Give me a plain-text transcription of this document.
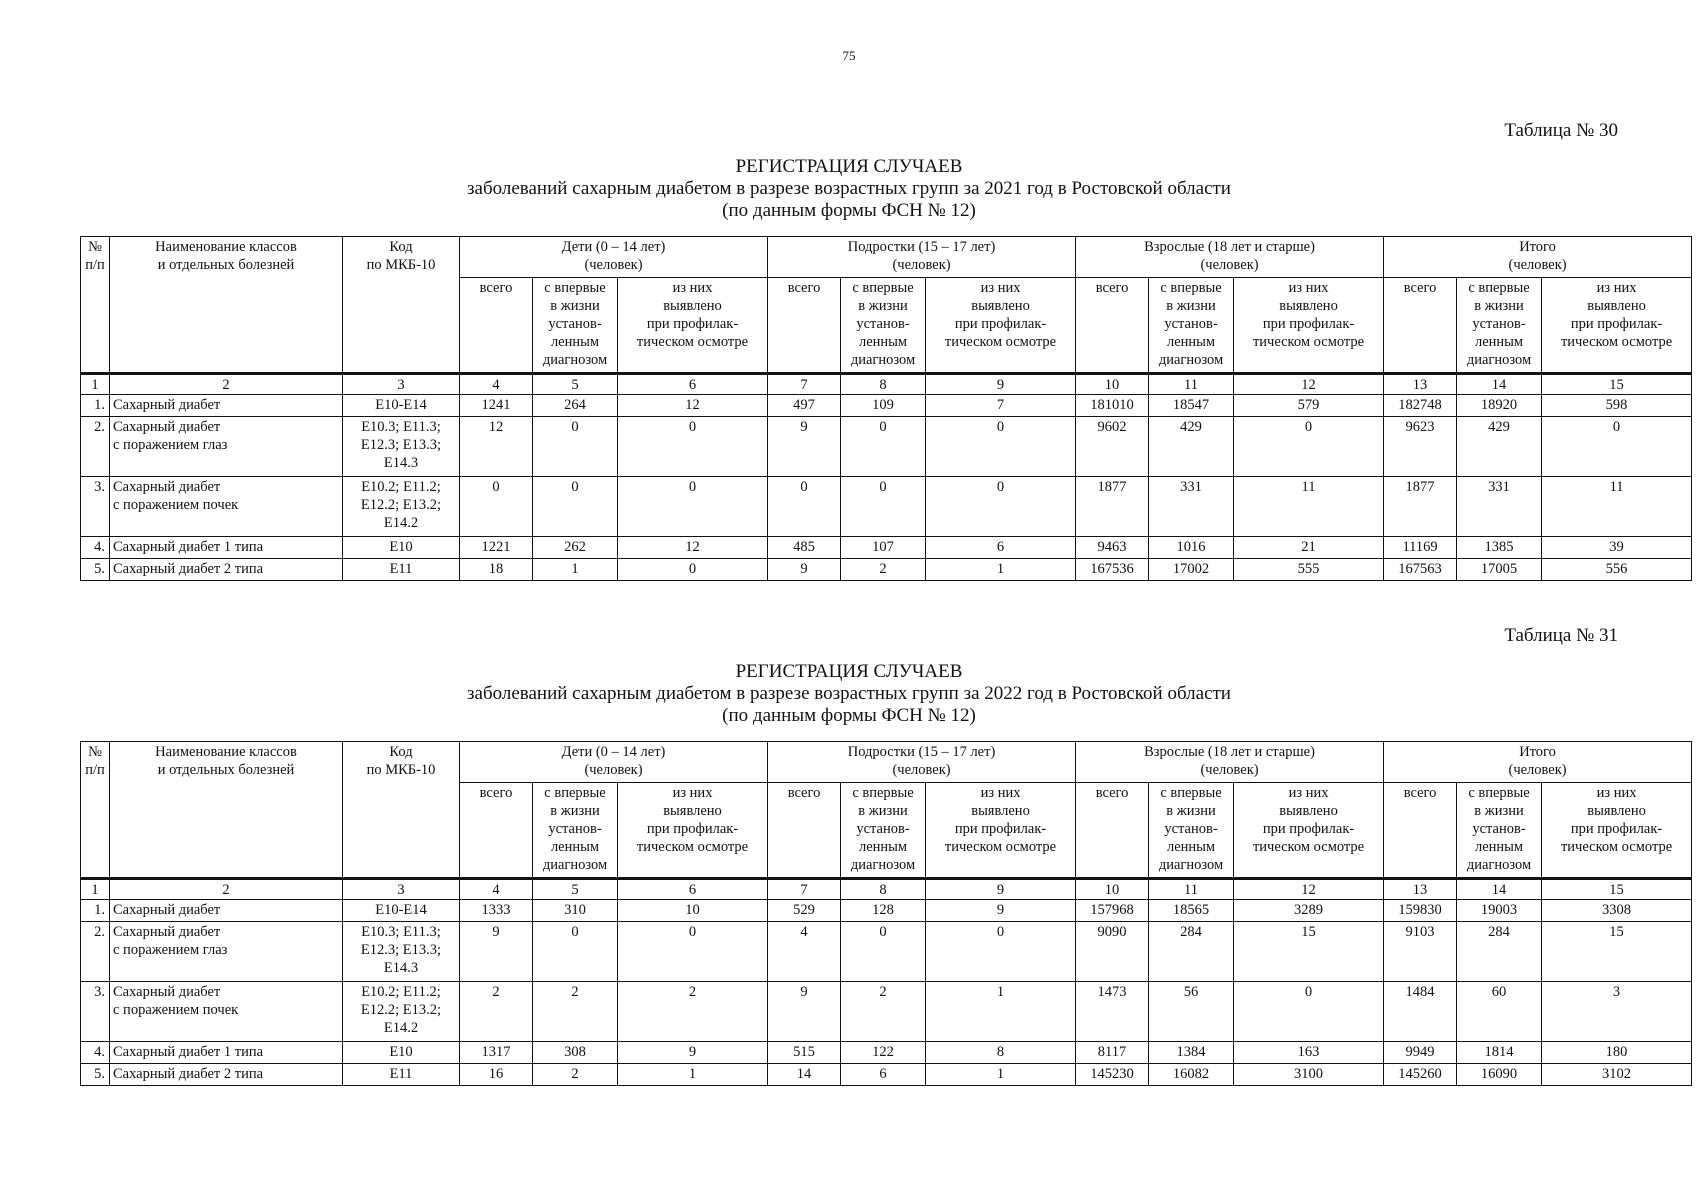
75
Таблица № 30
РЕГИСТРАЦИЯ СЛУЧАЕВ
заболеваний сахарным диабетом в разрезе возрастных групп за 2021 год в Ростовской области
(по данным формы ФСН № 12)
№
п/п	Наименование классов
и отдельных болезней	Код
по МКБ-10	Дети (0 – 14 лет)
(человек)			Подростки (15 – 17 лет)
(человек)			Взрослые (18 лет и старше)
(человек)			Итого
(человек)		

			всего	с впервые
в жизни
установ-
ленным
диагнозом	из них
выявлено
при профилак-
тическом осмотре	всего	с впервые
в жизни
установ-
ленным
диагнозом	из них
выявлено
при профилак-
тическом осмотре	всего	с впервые
в жизни
установ-
ленным
диагнозом	из них
выявлено
при профилак-
тическом осмотре	всего	с впервые
в жизни
установ-
ленным
диагнозом	из них
выявлено
при профилак-
тическом осмотре

1	2	3	4	5	6	7	8	9	10	11	12	13	14	15
1.	Сахарный диабет	E10-E14	1241	264	12	497	109	7	181010	18547	579	182748	18920	598
2.	Сахарный диабет
с поражением глаз	E10.3; E11.3;
E12.3; E13.3;
E14.3	12	0	0	9	0	0	9602	429	0	9623	429	0
3.	Сахарный диабет
с поражением почек	E10.2; E11.2;
E12.2; E13.2;
E14.2	0	0	0	0	0	0	1877	331	11	1877	331	11
4.	Сахарный диабет 1 типа	E10	1221	262	12	485	107	6	9463	1016	21	11169	1385	39
5.	Сахарный диабет 2 типа	E11	18	1	0	9	2	1	167536	17002	555	167563	17005	556
Таблица № 31
РЕГИСТРАЦИЯ СЛУЧАЕВ
заболеваний сахарным диабетом в разрезе возрастных групп за 2022 год в Ростовской области
(по данным формы ФСН № 12)
№
п/п	Наименование классов
и отдельных болезней	Код
по МКБ-10	Дети (0 – 14 лет)
(человек)			Подростки (15 – 17 лет)
(человек)			Взрослые (18 лет и старше)
(человек)			Итого
(человек)		

			всего	с впервые
в жизни
установ-
ленным
диагнозом	из них
выявлено
при профилак-
тическом осмотре	всего	с впервые
в жизни
установ-
ленным
диагнозом	из них
выявлено
при профилак-
тическом осмотре	всего	с впервые
в жизни
установ-
ленным
диагнозом	из них
выявлено
при профилак-
тическом осмотре	всего	с впервые
в жизни
установ-
ленным
диагнозом	из них
выявлено
при профилак-
тическом осмотре

1	2	3	4	5	6	7	8	9	10	11	12	13	14	15
1.	Сахарный диабет	E10-E14	1333	310	10	529	128	9	157968	18565	3289	159830	19003	3308
2.	Сахарный диабет
с поражением глаз	E10.3; E11.3;
E12.3; E13.3;
E14.3	9	0	0	4	0	0	9090	284	15	9103	284	15
3.	Сахарный диабет
с поражением почек	E10.2; E11.2;
E12.2; E13.2;
E14.2	2	2	2	9	2	1	1473	56	0	1484	60	3
4.	Сахарный диабет 1 типа	E10	1317	308	9	515	122	8	8117	1384	163	9949	1814	180
5.	Сахарный диабет 2 типа	E11	16	2	1	14	6	1	145230	16082	3100	145260	16090	3102
